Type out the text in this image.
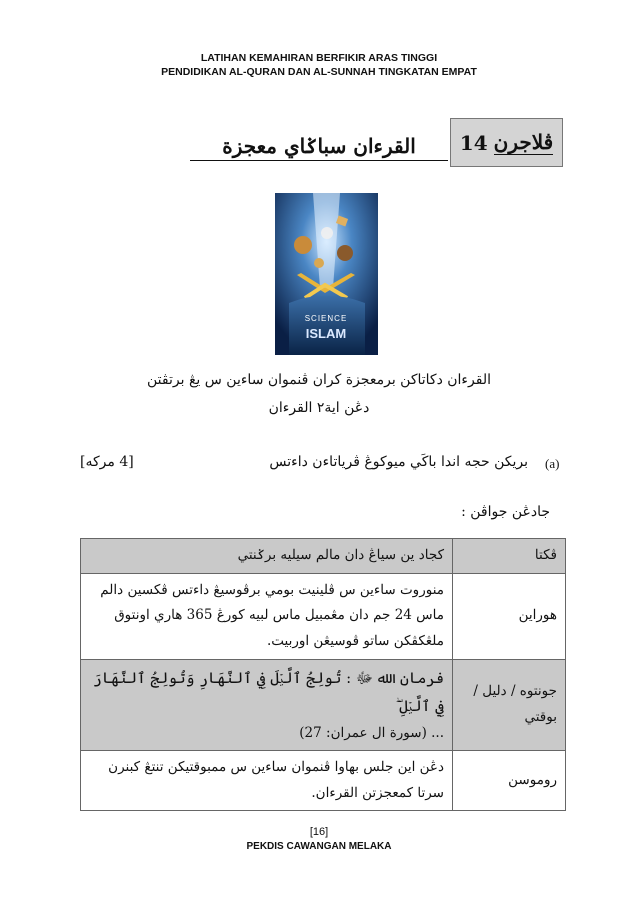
LATIHAN KEMAHIRAN BERFIKIR ARAS TINGGI
PENDIDIKAN AL-QURAN DAN AL-SUNNAH TINGKATAN EMPAT
القرءان سباݢاي معجزة	ڤلاجرن
14
SCIENCE
ISLAM
القرءان دكاتاكن برمعجزة كران ڤنموان ساءين س يڠ برتڤتن
دڠن اية٢ القرءان
(a)
بريكن حجه اندا باكَي ميوكوڠ ڤرياتاءن داءتس
[4 مركه]
جادڠن جواڤن :
ڤكتا	كجاد ين سياڠ دان مالم سيليه برݢنتي
هوراين	منوروت ساءين س ڤلينيت بومي برڤوسيڠ داءتس ڤكسين دالم ماس 24 جم دان مڠمبيل ماس لبيه كورڠ 365 هاري اونتوق ملڠكڤكن ساتو ڤوسيڠن اوربيت.
جونتوه / دليل / بوقتي	فرمان الله ﷻ : تُولِجُ ٱلَّيۡلَ فِي ٱلنَّهَارِ وَتُولِجُ ٱلنَّهَارَ فِي ٱلَّيۡلِ ۖ
... (سورة ال عمران: 27)

روموسن	دڠن اين جلس بهاوا ڤنموان ساءين س ممبوقتيكن تنتڠ كبنرن سرتا كمعجزتن القرءان.
[16]
PEKDIS CAWANGAN MELAKA
